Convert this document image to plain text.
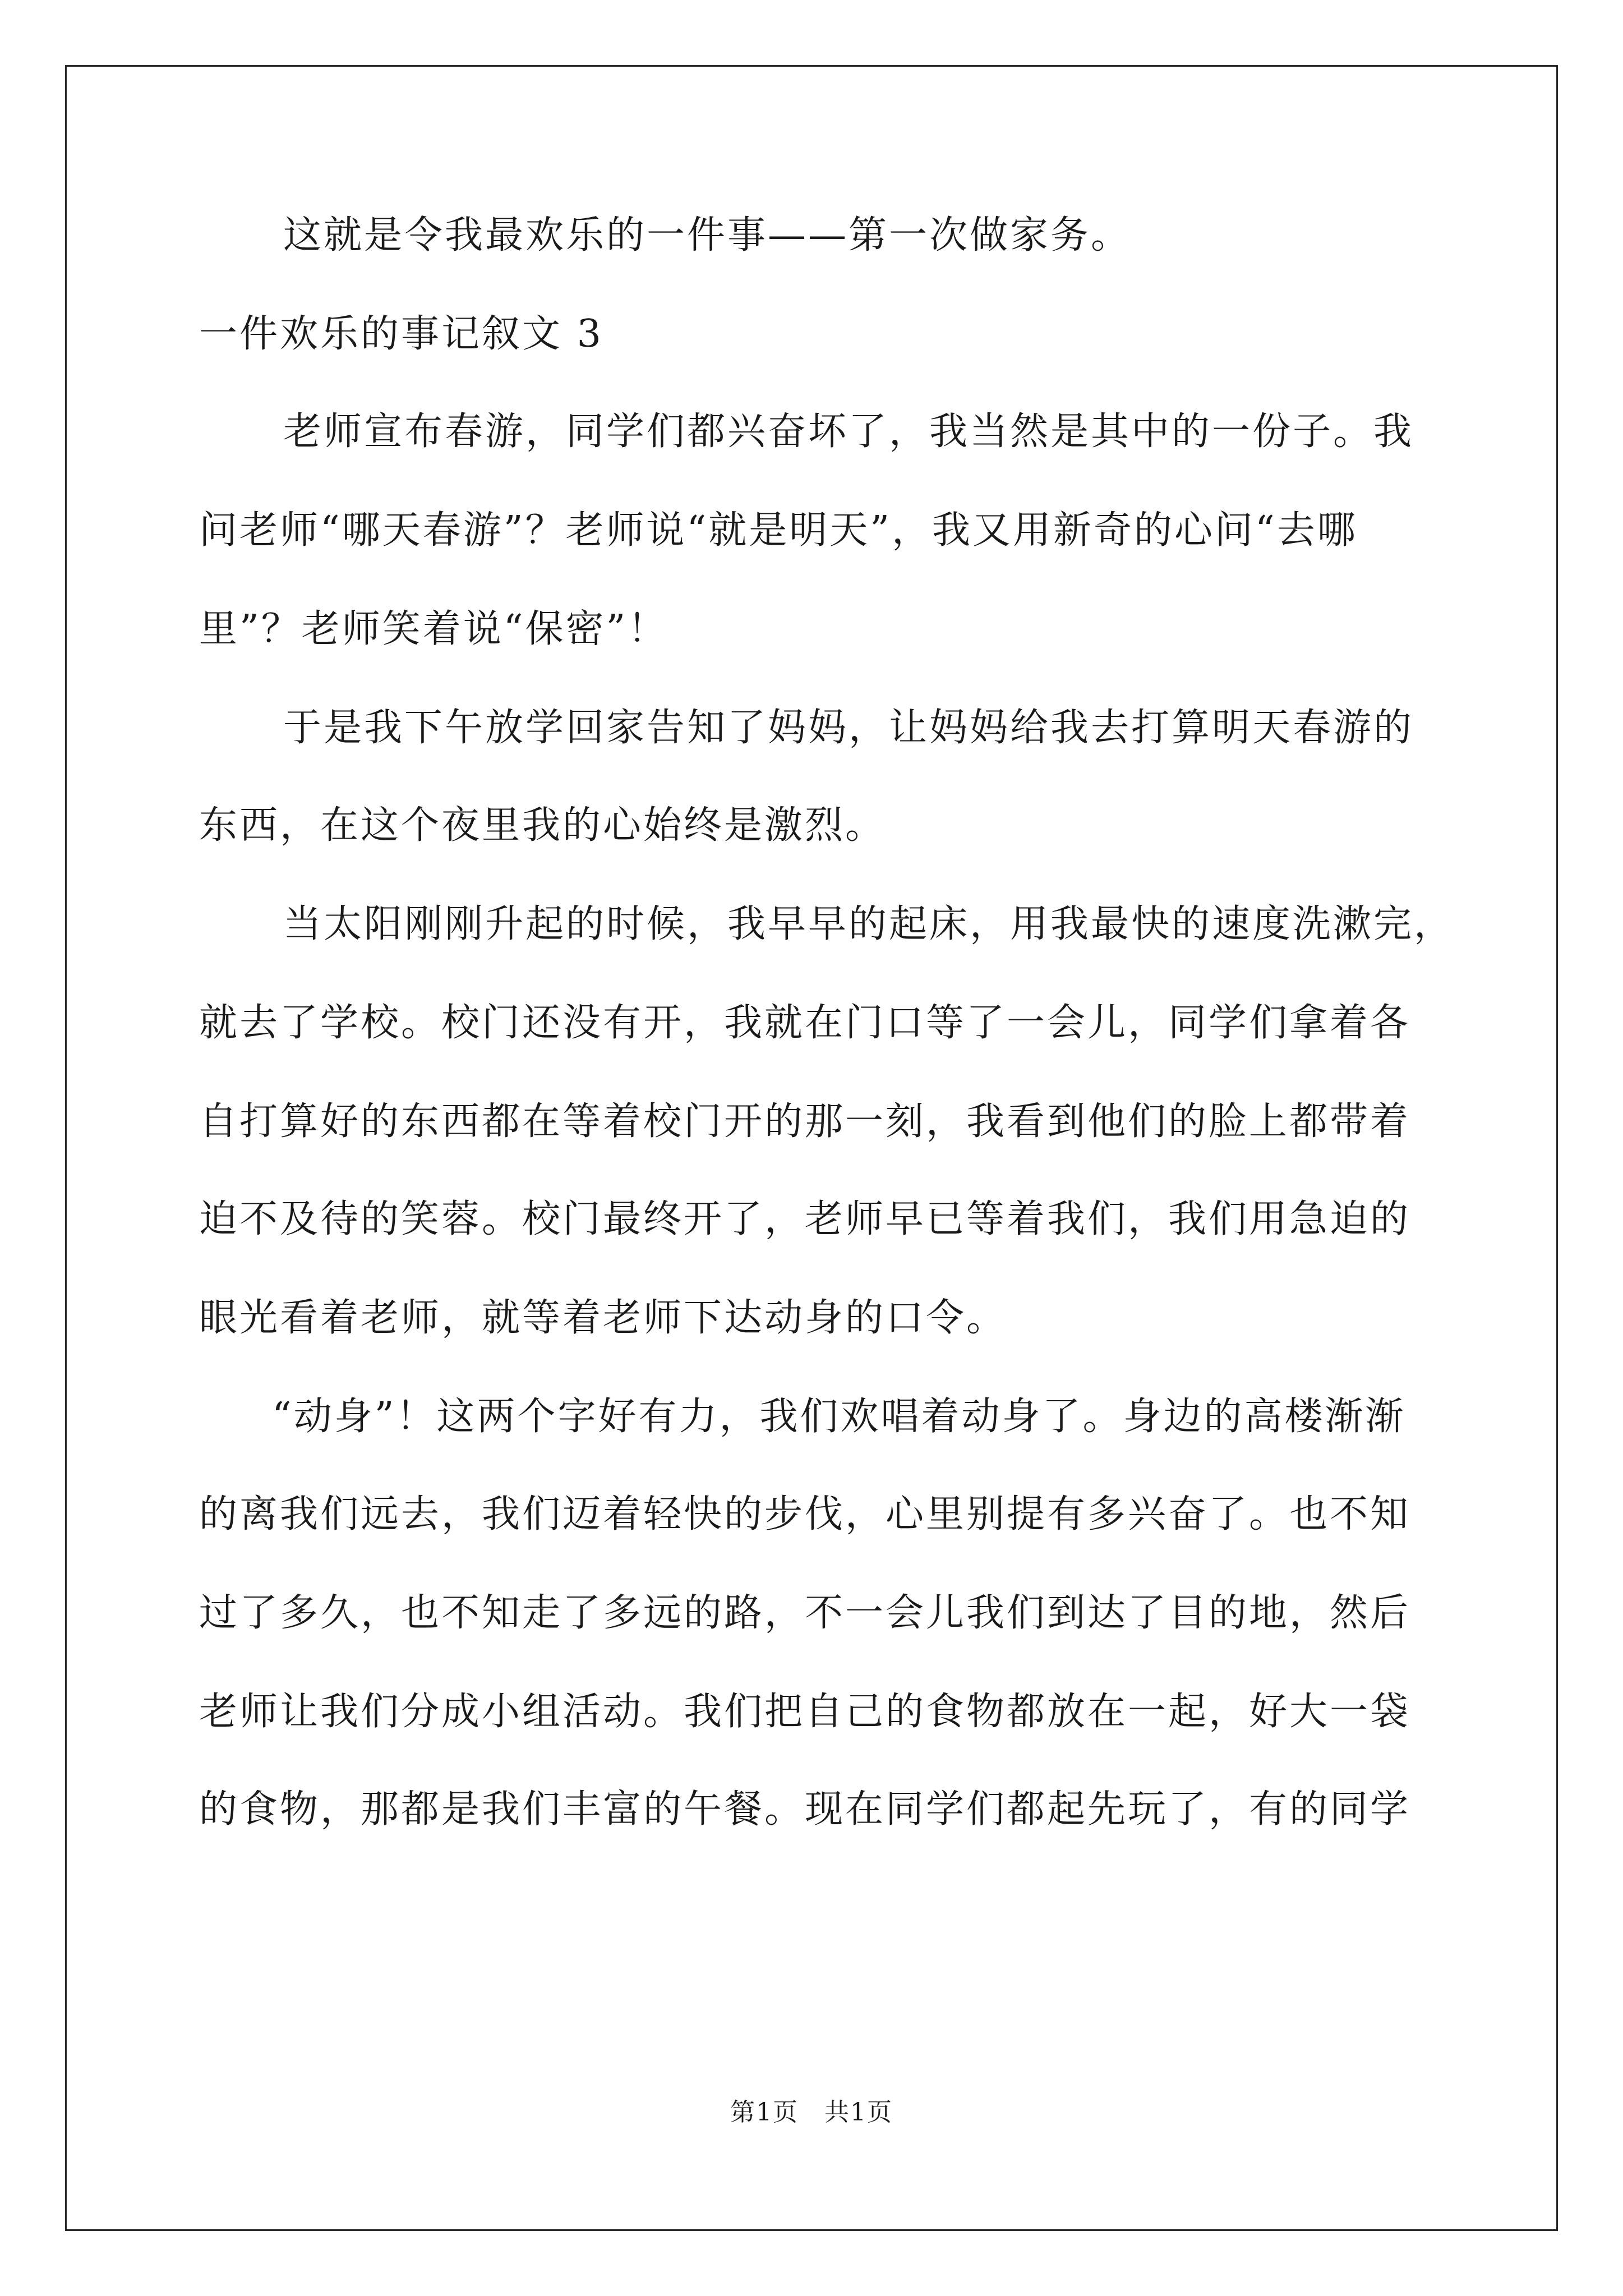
这就是令我最欢乐的一件事——第一次做家务。
一件欢乐的事记叙文 3
老师宣布春游，同学们都兴奋坏了，我当然是其中的一份子。我
问老师“哪天春游”？老师说“就是明天”，我又用新奇的心问“去哪
里”？老师笑着说“保密”！
于是我下午放学回家告知了妈妈，让妈妈给我去打算明天春游的
东西，在这个夜里我的心始终是激烈。
当太阳刚刚升起的时候，我早早的起床，用我最快的速度洗漱完，
就去了学校。校门还没有开，我就在门口等了一会儿，同学们拿着各
自打算好的东西都在等着校门开的那一刻，我看到他们的脸上都带着
迫不及待的笑蓉。校门最终开了，老师早已等着我们，我们用急迫的
眼光看着老师，就等着老师下达动身的口令。
“动身”！这两个字好有力，我们欢唱着动身了。身边的高楼渐渐
的离我们远去，我们迈着轻快的步伐，心里别提有多兴奋了。也不知
过了多久，也不知走了多远的路，不一会儿我们到达了目的地，然后
老师让我们分成小组活动。我们把自己的食物都放在一起，好大一袋
的食物，那都是我们丰富的午餐。现在同学们都起先玩了，有的同学
第1页　共1页
